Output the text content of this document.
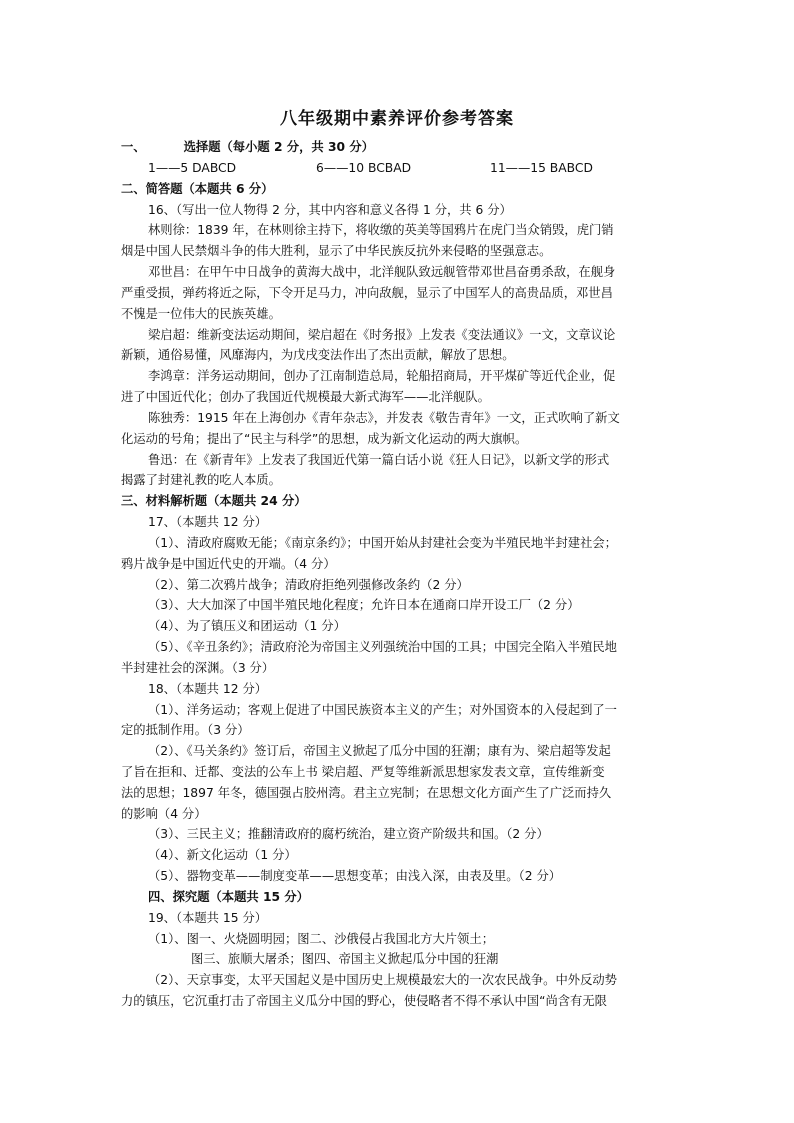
八年级期中素养评价参考答案
一、	选择题（每小题 2 分，共 30 分）
1——5 DABCD	6——10 BCBAD	11——15 BABCD
二、简答题（本题共 6 分）
16、（写出一位人物得 2 分，其中内容和意义各得 1 分，共 6 分）
林则徐：1839 年，在林则徐主持下，将收缴的英美等国鸦片在虎门当众销毁，虎门销
烟是中国人民禁烟斗争的伟大胜利，显示了中华民族反抗外来侵略的坚强意志。
邓世昌：在甲午中日战争的黄海大战中，北洋舰队致远舰管带邓世昌奋勇杀敌，在舰身
严重受损，弹药将近之际，下令开足马力，冲向敌舰，显示了中国军人的高贵品质，邓世昌
不愧是一位伟大的民族英雄。
梁启超：维新变法运动期间，梁启超在《时务报》上发表《变法通议》一文，文章议论
新颖，通俗易懂，风靡海内，为戊戌变法作出了杰出贡献，解放了思想。
李鸿章：洋务运动期间，创办了江南制造总局，轮船招商局，开平煤矿等近代企业，促
进了中国近代化；创办了我国近代规模最大新式海军——北洋舰队。
陈独秀：1915 年在上海创办《青年杂志》，并发表《敬告青年》一文，正式吹响了新文
化运动的号角；提出了“民主与科学”的思想，成为新文化运动的两大旗帜。
鲁迅：在《新青年》上发表了我国近代第一篇白话小说《狂人日记》，以新文学的形式
揭露了封建礼教的吃人本质。
三、材料解析题（本题共 24 分）
17、（本题共 12 分）
（1）、清政府腐败无能；《南京条约》；中国开始从封建社会变为半殖民地半封建社会；
鸦片战争是中国近代史的开端。（4 分）
（2）、第二次鸦片战争；清政府拒绝列强修改条约（2 分）
（3）、大大加深了中国半殖民地化程度；允许日本在通商口岸开设工厂（2 分）
（4）、为了镇压义和团运动（1 分）
（5）、《辛丑条约》；清政府沦为帝国主义列强统治中国的工具；中国完全陷入半殖民地
半封建社会的深渊。（3 分）
18、（本题共 12 分）
（1）、洋务运动；客观上促进了中国民族资本主义的产生；对外国资本的入侵起到了一
定的抵制作用。（3 分）
（2）、《马关条约》签订后，帝国主义掀起了瓜分中国的狂潮；康有为、梁启超等发起
了旨在拒和、迁都、变法的公车上书 梁启超、严复等维新派思想家发表文章，宣传维新变
法的思想；1897 年冬，德国强占胶州湾。君主立宪制；在思想文化方面产生了广泛而持久
的影响（4 分）
（3）、三民主义；推翻清政府的腐朽统治，建立资产阶级共和国。（2 分）
（4）、新文化运动（1 分）
（5）、器物变革——制度变革——思想变革；由浅入深，由表及里。（2 分）
四、探究题（本题共 15 分）
19、（本题共 15 分）
（1）、图一、火烧圆明园；图二、沙俄侵占我国北方大片领土；
图三、旅顺大屠杀；图四、帝国主义掀起瓜分中国的狂潮
（2）、天京事变，太平天国起义是中国历史上规模最宏大的一次农民战争。中外反动势
力的镇压，它沉重打击了帝国主义瓜分中国的野心，使侵略者不得不承认中国“尚含有无限
